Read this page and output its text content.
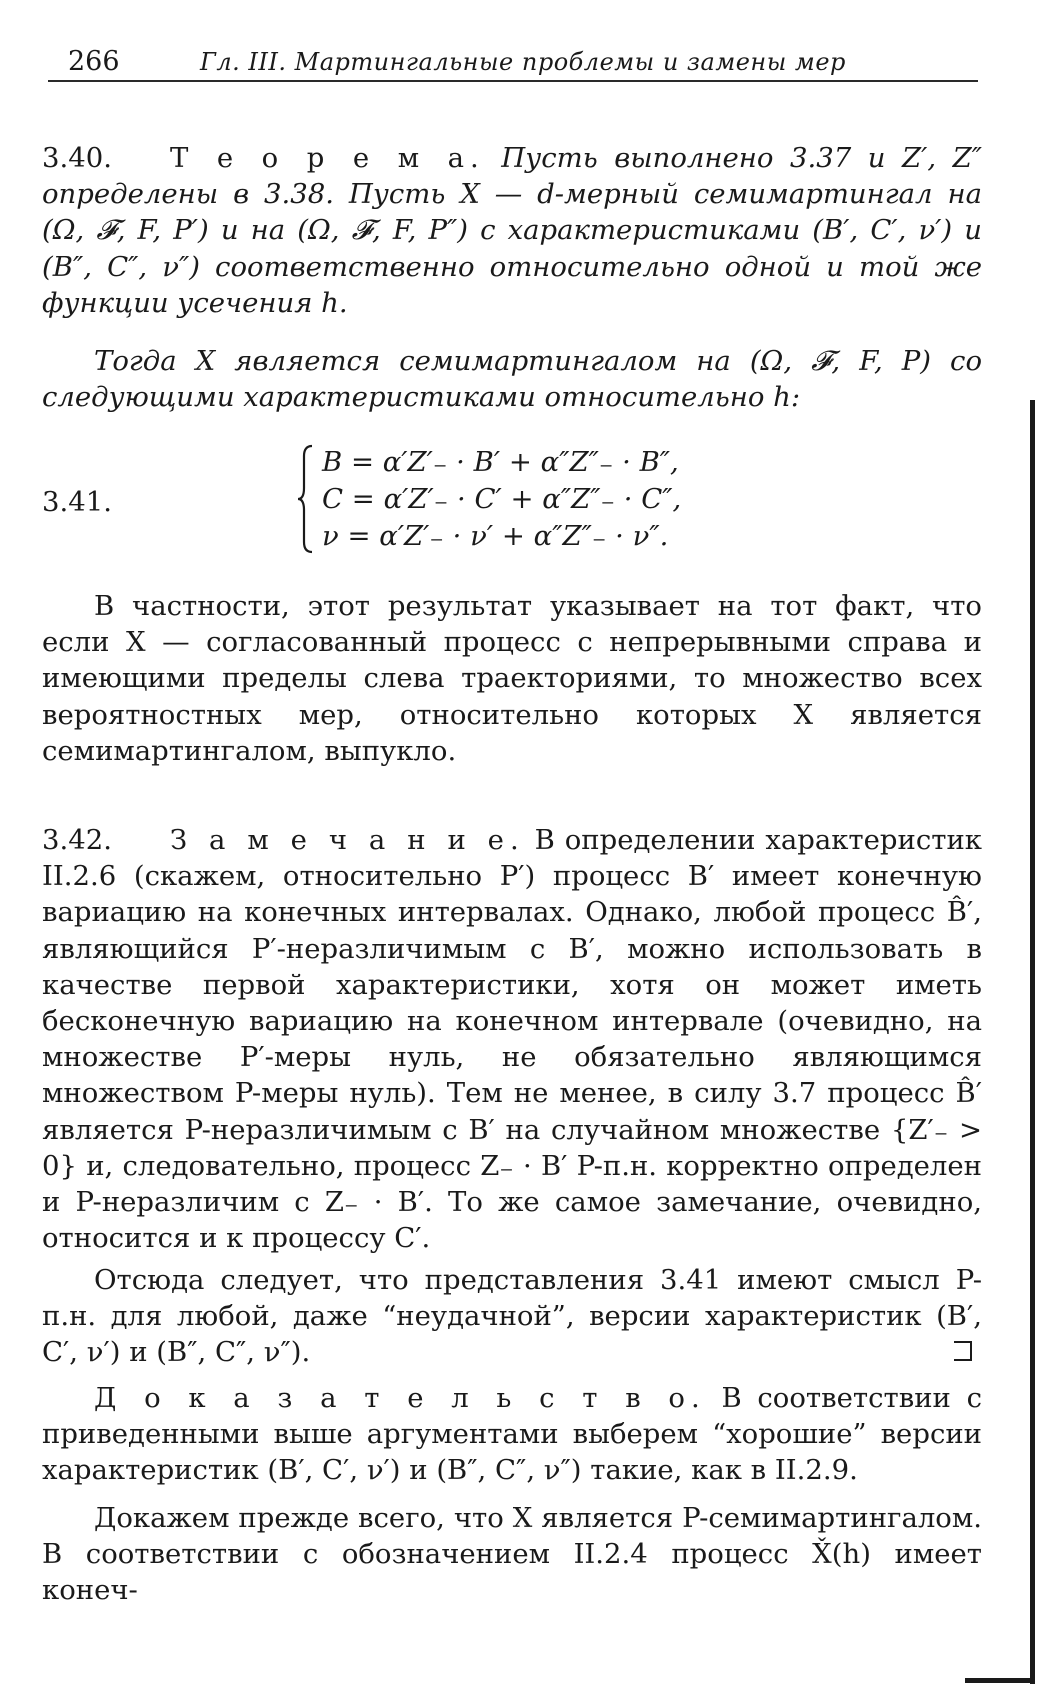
266	Гл. III. Мартингальные проблемы и замены мер
3.40. Т е о р е м а. Пусть выполнено 3.37 и Z′, Z″ определены в 3.38. Пусть X — d-мерный семимартингал на (Ω, 𝓕, F, P′) и на (Ω, 𝓕, F, P″) с характеристиками (B′, C′, ν′) и (B″, C″, ν″) соответственно относительно одной и той же функции усечения h.
Тогда X является семимартингалом на (Ω, 𝓕, F, P) со следующими характеристиками относительно h:
3.41.
B = α′Z′₋ · B′ + α″Z″₋ · B″,
C = α′Z′₋ · C′ + α″Z″₋ · C″,
ν = α′Z′₋ · ν′ + α″Z″₋ · ν″.
В частности, этот результат указывает на тот факт, что если X — согласованный процесс с непрерывными справа и имеющими пределы слева траекториями, то множество всех вероятностных мер, относительно которых X является семимартингалом, выпукло.
3.42. З а м е ч а н и е. В определении характеристик II.2.6 (скажем, относительно P′) процесс B′ имеет конечную вариацию на конечных интервалах. Однако, любой процесс B̂′, являющийся P′-неразличимым с B′, можно использовать в качестве первой характеристики, хотя он может иметь бесконечную вариацию на конечном интервале (очевидно, на множестве P′-меры нуль, не обязательно являющимся множеством P-меры нуль). Тем не менее, в силу 3.7 процесс B̂′ является P-неразличимым с B′ на случайном множестве {Z′₋ > 0} и, следовательно, процесс Z₋ · B′ P-п.н. корректно определен и P-неразличим с Z₋ · B′. То же самое замечание, очевидно, относится и к процессу C′.
Отсюда следует, что представления 3.41 имеют смысл P-п.н. для любой, даже “неудачной”, версии характеристик (B′, C′, ν′) и (B″, C″, ν″).
Д о к а з а т е л ь с т в о. В соответствии с приведенными выше аргументами выберем “хорошие” версии характеристик (B′, C′, ν′) и (B″, C″, ν″) такие, как в II.2.9.
Докажем прежде всего, что X является P-семимартингалом. В соответствии с обозначением II.2.4 процесс X̌(h) имеет конеч-
